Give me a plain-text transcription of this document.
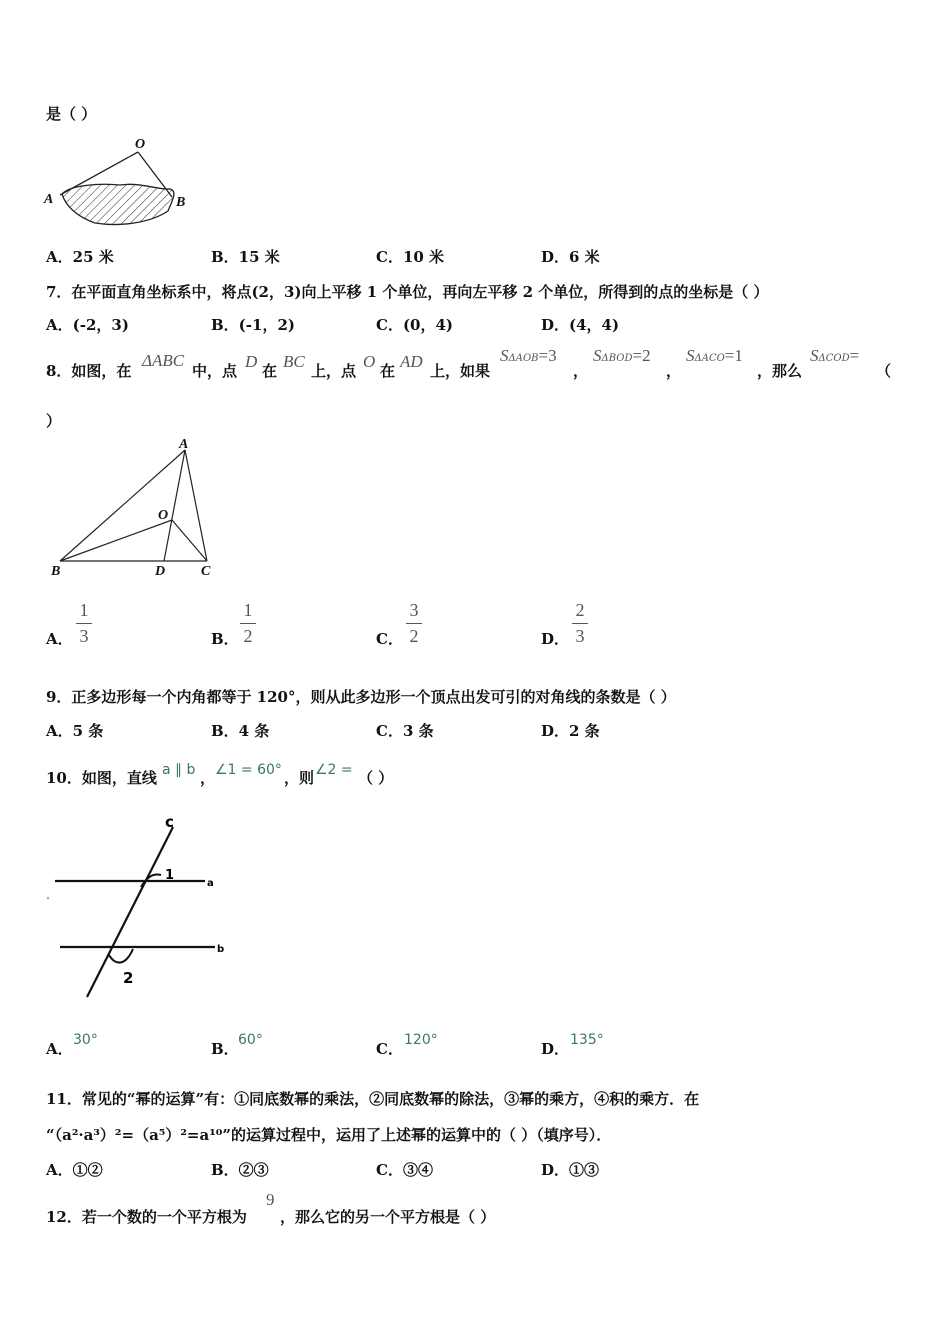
是（ ）
O
A	B
A．25 米	B．15 米	C．10 米	D．6 米
7．在平面直角坐标系中，将点(2，3)向上平移 1 个单位，再向左平移 2 个单位，所得到的点的坐标是（ ）
A．(-2，3)	B．(-1，2)	C．(0，4)	D．(4，4)
8．如图，在
ΔABC
中，点 D 在 BC 上，点 O 在 AD 上，如果
SΔAOB=3
，
SΔBOD=2
，
SΔACO=1
，那么
SΔCOD=
（
）
A
O
B	D	C
A．
1
3	B．
1
2	C．
3
2	D．
2
3
9．正多边形每一个内角都等于 120°，则从此多边形一个顶点出发可引的对角线的条数是（ ）
A．5 条	B．4 条	C．3 条	D．2 条
10．如图，直线 a ∥ b ， ∠1 = 60° ，则 ∠2 = （ ）
c
1
a
b
2
A． 30°	B． 60°	C． 120°	D． 135°
11．常见的“幂的运算”有：①同底数幂的乘法，②同底数幂的除法，③幂的乘方，④积的乘方．在
“（a²·a³）²=（a⁵）²=a¹⁰”的运算过程中，运用了上述幂的运算中的（ ）（填序号）．
A．①②	B．②③	C．③④	D．①③
12．若一个数的一个平方根为
9
，那么它的另一个平方根是（ ）
